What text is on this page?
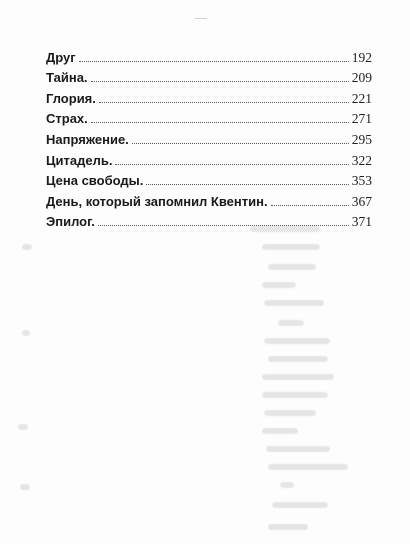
Друг	192
Тайна.	209
Глория.	221
Страх.	271
Напряжение.	295
Цитадель.	322
Цена свободы.	353
День, который запомнил Квентин.	367
Эпилог.	371
